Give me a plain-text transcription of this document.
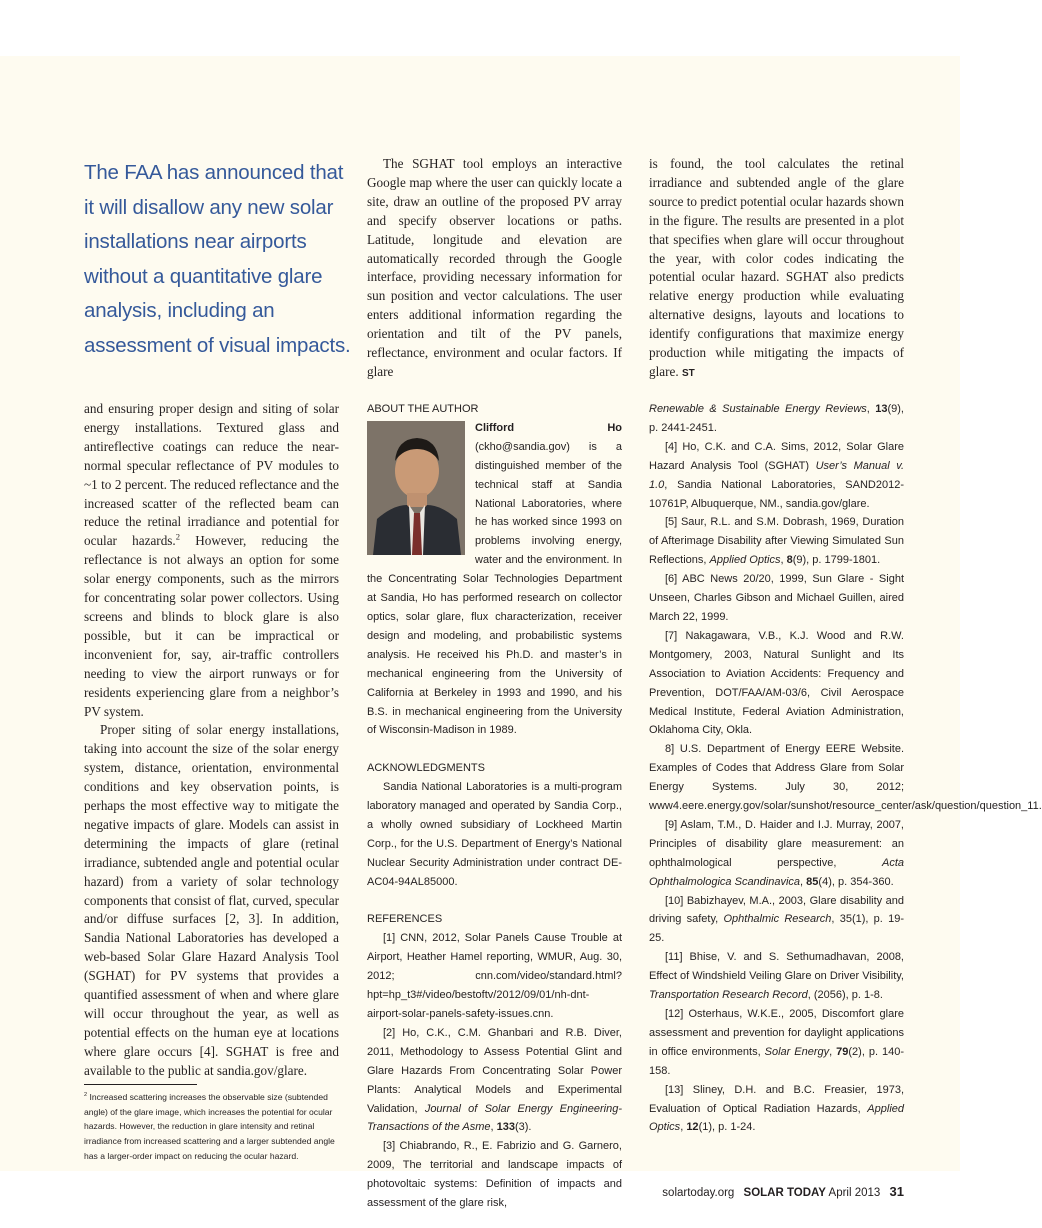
The FAA has announced that it will disallow any new solar installations near airports without a quantitative glare analysis, including an assessment of visual impacts.

The SGHAT tool employs an interactive Google map where the user can quickly locate a site, draw an outline of the proposed PV array and specify observer locations or paths. Latitude, longitude and elevation are automatically recorded through the Google interface, providing necessary information for sun position and vector calculations. The user enters additional information regarding the orientation and tilt of the PV panels, reflectance, environment and ocular factors. If glare

is found, the tool calculates the retinal irradiance and subtended angle of the glare source to predict potential ocular hazards shown in the figure. The results are presented in a plot that specifies when glare will occur throughout the year, with color codes indicating the potential ocular hazard. SGHAT also predicts relative energy production while evaluating alternative designs, layouts and locations to identify configurations that maximize energy production while mitigating the impacts of glare. ST

and ensuring proper design and siting of solar energy installations. Textured glass and antireflective coatings can reduce the near-normal specular reflectance of PV modules to ~1 to 2 percent. The reduced reflectance and the increased scatter of the reflected beam can reduce the retinal irradiance and potential for ocular hazards.$^2$ However, reducing the reflectance is not always an option for some solar energy components, such as the mirrors for concentrating solar power collectors. Using screens and blinds to block glare is also possible, but it can be impractical or inconvenient for, say, air-traffic controllers needing to view the airport runways or for residents experiencing glare from a neighbor’s PV system.

Proper siting of solar energy installations, taking into account the size of the solar energy system, distance, orientation, environmental conditions and key observation points, is perhaps the most effective way to mitigate the negative impacts of glare. Models can assist in determining the impacts of glare (retinal irradiance, subtended angle and potential ocular hazard) from a variety of solar technology components that consist of flat, curved, specular and/or diffuse surfaces [2, 3]. In addition, Sandia National Laboratories has developed a web-based Solar Glare Hazard Analysis Tool (SGHAT) for PV systems that provides a quantified assessment of when and where glare will occur throughout the year, as well as potential effects on the human eye at locations where glare occurs [4]. SGHAT is free and available to the public at sandia.gov/glare.

$^2$ Increased scattering increases the observable size (subtended angle) of the glare image, which increases the potential for ocular hazards. However, the reduction in glare intensity and retinal irradiance from increased scattering and a larger subtended angle has a larger-order impact on reducing the ocular hazard.

ABOUT THE AUTHOR

Clifford Ho (ckho@sandia.gov) is a distinguished member of the technical staff at Sandia National Laboratories, where he has worked since 1993 on problems involving energy, water and the environment. In the Concentrating Solar Technologies Department at Sandia, Ho has performed research on collector optics, solar glare, flux characterization, receiver design and modeling, and probabilistic systems analysis. He received his Ph.D. and master’s in mechanical engineering from the University of California at Berkeley in 1993 and 1990, and his B.S. in mechanical engineering from the University of Wisconsin-Madison in 1989.

ACKNOWLEDGMENTS

Sandia National Laboratories is a multi-program laboratory managed and operated by Sandia Corp., a wholly owned subsidiary of Lockheed Martin Corp., for the U.S. Department of Energy’s National Nuclear Security Administration under contract DE-AC04-94AL85000.

REFERENCES

[1] CNN, 2012, Solar Panels Cause Trouble at Airport, Heather Hamel reporting, WMUR, Aug. 30, 2012; cnn.com/video/standard.html?hpt=hp_t3#/video/bestoftv/2012/09/01/nh-dnt-airport-solar-panels-safety-issues.cnn.

[2] Ho, C.K., C.M. Ghanbari and R.B. Diver, 2011, Methodology to Assess Potential Glint and Glare Hazards From Concentrating Solar Power Plants: Analytical Models and Experimental Validation, Journal of Solar Energy Engineering-Transactions of the Asme, 133(3).

[3] Chiabrando, R., E. Fabrizio and G. Garnero, 2009, The territorial and landscape impacts of photovoltaic systems: Definition of impacts and assessment of the glare risk,

Renewable & Sustainable Energy Reviews, 13(9), p. 2441-2451.

[4] Ho, C.K. and C.A. Sims, 2012, Solar Glare Hazard Analysis Tool (SGHAT) User’s Manual v. 1.0, Sandia National Laboratories, SAND2012-10761P, Albuquerque, NM., sandia.gov/glare.

[5] Saur, R.L. and S.M. Dobrash, 1969, Duration of Afterimage Disability after Viewing Simulated Sun Reflections, Applied Optics, 8(9), p. 1799-1801.

[6] ABC News 20/20, 1999, Sun Glare - Sight Unseen, Charles Gibson and Michael Guillen, aired March 22, 1999.

[7] Nakagawara, V.B., K.J. Wood and R.W. Montgomery, 2003, Natural Sunlight and Its Association to Aviation Accidents: Frequency and Prevention, DOT/FAA/AM-03/6, Civil Aerospace Medical Institute, Federal Aviation Administration, Oklahoma City, Okla.

8] U.S. Department of Energy EERE Website. Examples of Codes that Address Glare from Solar Energy Systems. July 30, 2012; www4.eere.energy.gov/solar/sunshot/resource_center/ask/question/question_11.

[9] Aslam, T.M., D. Haider and I.J. Murray, 2007, Principles of disability glare measurement: an ophthalmological perspective, Acta Ophthalmologica Scandinavica, 85(4), p. 354-360.

[10] Babizhayev, M.A., 2003, Glare disability and driving safety, Ophthalmic Research, 35(1), p. 19-25.

[11] Bhise, V. and S. Sethumadhavan, 2008, Effect of Windshield Veiling Glare on Driver Visibility, Transportation Research Record, (2056), p. 1-8.

[12] Osterhaus, W.K.E., 2005, Discomfort glare assessment and prevention for daylight applications in office environments, Solar Energy, 79(2), p. 140-158.

[13] Sliney, D.H. and B.C. Freasier, 1973, Evaluation of Optical Radiation Hazards, Applied Optics, 12(1), p. 1-24.

solartoday.org SOLAR TODAY April 2013 31
